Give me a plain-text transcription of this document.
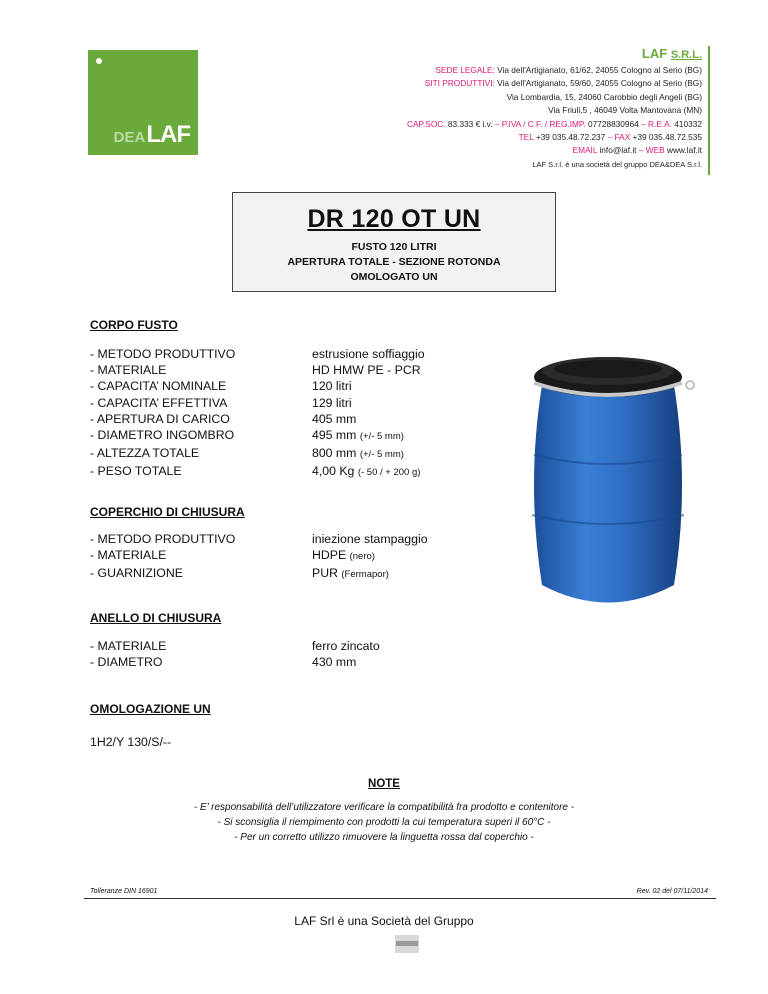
DEALAF
LAF S.R.L.
SEDE LEGALE: Via dell'Artigianato, 61/62, 24055 Cologno al Serio (BG)
SITI PRODUTTIVI: Via dell'Artigianato, 59/60, 24055 Cologno al Serio (BG)
Via Lombardia, 15, 24060 Carobbio degli Angeli (BG)
Via Friuli,5 , 46049 Volta Mantovana (MN)
CAP.SOC. 83.333 € i.v. – P.IVA / C.F. / REG.IMP. 07728830964 – R.E.A. 410332
TEL +39 035.48.72.237 – FAX +39 035.48.72.535
EMAIL info@laf.it – WEB www.laf.it
LAF S.r.l. è una società del gruppo DEA&DEA S.r.l.
DR 120 OT UN
FUSTO 120 LITRI
APERTURA TOTALE - SEZIONE ROTONDA
OMOLOGATO UN
CORPO FUSTO
- METODO PRODUTTIVO	estrusione soffiaggio
- MATERIALE	HD HMW PE - PCR
- CAPACITA’ NOMINALE	120 litri
- CAPACITA’ EFFETTIVA	129 litri
- APERTURA DI CARICO	405 mm
- DIAMETRO INGOMBRO	495 mm (+/- 5 mm)
- ALTEZZA TOTALE	800 mm (+/- 5 mm)
- PESO TOTALE	4,00 Kg (- 50 / + 200 g)
COPERCHIO DI CHIUSURA
- METODO PRODUTTIVO	iniezione stampaggio
- MATERIALE	HDPE (nero)
- GUARNIZIONE	PUR (Fermapor)
ANELLO DI CHIUSURA
- MATERIALE	ferro zincato
- DIAMETRO	430 mm
OMOLOGAZIONE UN
1H2/Y 130/S/--
NOTE
- E’ responsabilità dell’utilizzatore verificare la compatibilità fra prodotto e contenitore -
- Si sconsiglia il riempimento con prodotti la cui temperatura superi il 60°C -
- Per un corretto utilizzo rimuovere la linguetta rossa dal coperchio -
Tolleranze DIN 16901	Rev. 02 del 07/11/2014
LAF Srl è una Società del Gruppo
